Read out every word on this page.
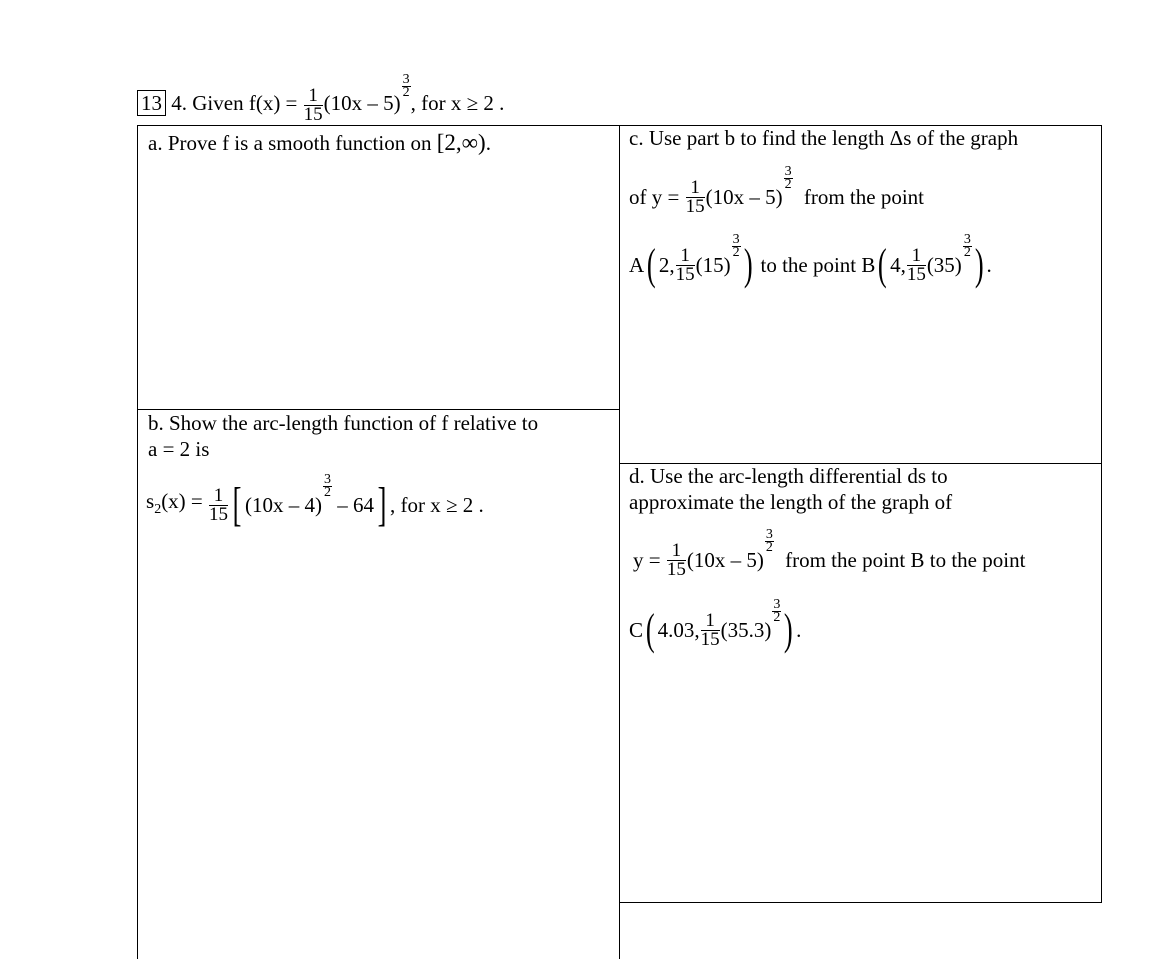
13 4. Given $f(x) = \frac{1}{15} (10x - 5)$
$\frac{3}{2}$
, for x ≥ 2 .
a. Prove f is a smooth function on [2,∞).
b. Show the arc-length function of f relative to
a = 2 is
$s_2(x) = \frac{1}{15}$ [ (10x – 4)
$\frac{3}{2}$
– 64] , for x ≥ 2 .
c. Use part b to find the length Δs of the graph
of $y = \frac{1}{15} (10x - 5)$
$\frac{3}{2}$
from the point
A( 2, $\frac{1}{15} (15)$
$\frac{3}{2}$ ) to the point B( 4, $\frac{1}{15} (35)$
$\frac{3}{2}$ ) .
d. Use the arc-length differential ds to
approximate the length of the graph of
$y = \frac{1}{15} (10x - 5)$
$\frac{3}{2}$
from the point B to the point
C( 4.03, $\frac{1}{15} (35.3)$
$\frac{3}{2}$ ) .
